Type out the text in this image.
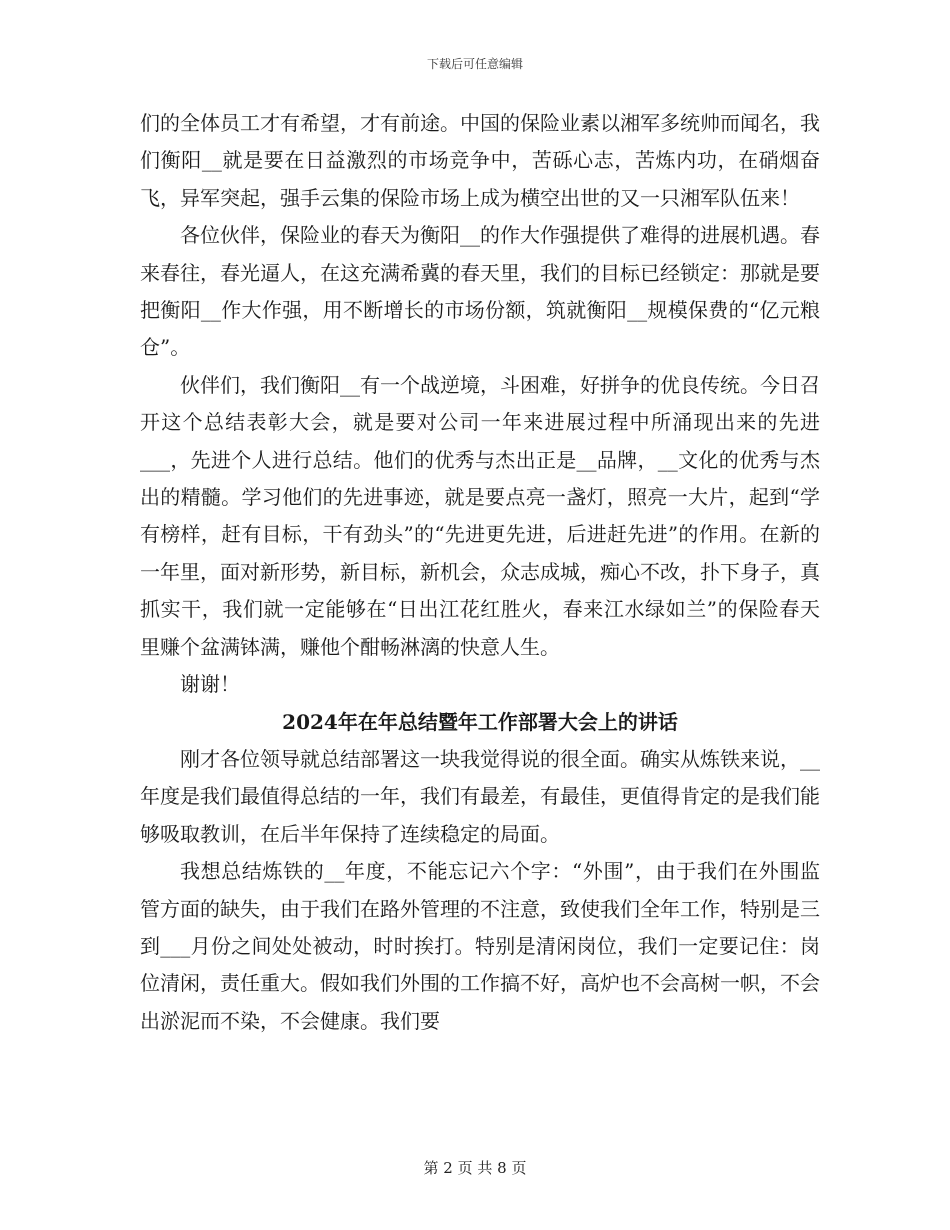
下载后可任意编辑

们的全体员工才有希望，才有前途。中国的保险业素以湘军多统帅而闻名，我们衡阳__就是要在日益激烈的市场竞争中，苦砾心志，苦炼内功，在硝烟奋飞，异军突起，强手云集的保险市场上成为横空出世的又一只湘军队伍来！

各位伙伴，保险业的春天为衡阳__的作大作强提供了难得的进展机遇。春来春往，春光逼人，在这充满希冀的春天里，我们的目标已经锁定：那就是要把衡阳__作大作强，用不断增长的市场份额，筑就衡阳__规模保费的“亿元粮仓”。

伙伴们，我们衡阳__有一个战逆境，斗困难，好拼争的优良传统。今日召开这个总结表彰大会，就是要对公司一年来进展过程中所涌现出来的先进___，先进个人进行总结。他们的优秀与杰出正是__品牌，__文化的优秀与杰出的精髓。学习他们的先进事迹，就是要点亮一盏灯，照亮一大片，起到“学有榜样，赶有目标，干有劲头”的“先进更先进，后进赶先进”的作用。在新的一年里，面对新形势，新目标，新机会，众志成城，痴心不改，扑下身子，真抓实干，我们就一定能够在“日出江花红胜火，春来江水绿如兰”的保险春天里赚个盆满钵满，赚他个酣畅淋漓的快意人生。

谢谢！

2024年在年总结暨年工作部署大会上的讲话

刚才各位领导就总结部署这一块我觉得说的很全面。确实从炼铁来说，__年度是我们最值得总结的一年，我们有最差，有最佳，更值得肯定的是我们能够吸取教训，在后半年保持了连续稳定的局面。

我想总结炼铁的__年度，不能忘记六个字：“外围”，由于我们在外围监管方面的缺失，由于我们在路外管理的不注意，致使我们全年工作，特别是三到___月份之间处处被动，时时挨打。特别是清闲岗位，我们一定要记住：岗位清闲，责任重大。假如我们外围的工作搞不好，高炉也不会高树一帜，不会出淤泥而不染，不会健康。我们要

第 2 页 共 8 页
